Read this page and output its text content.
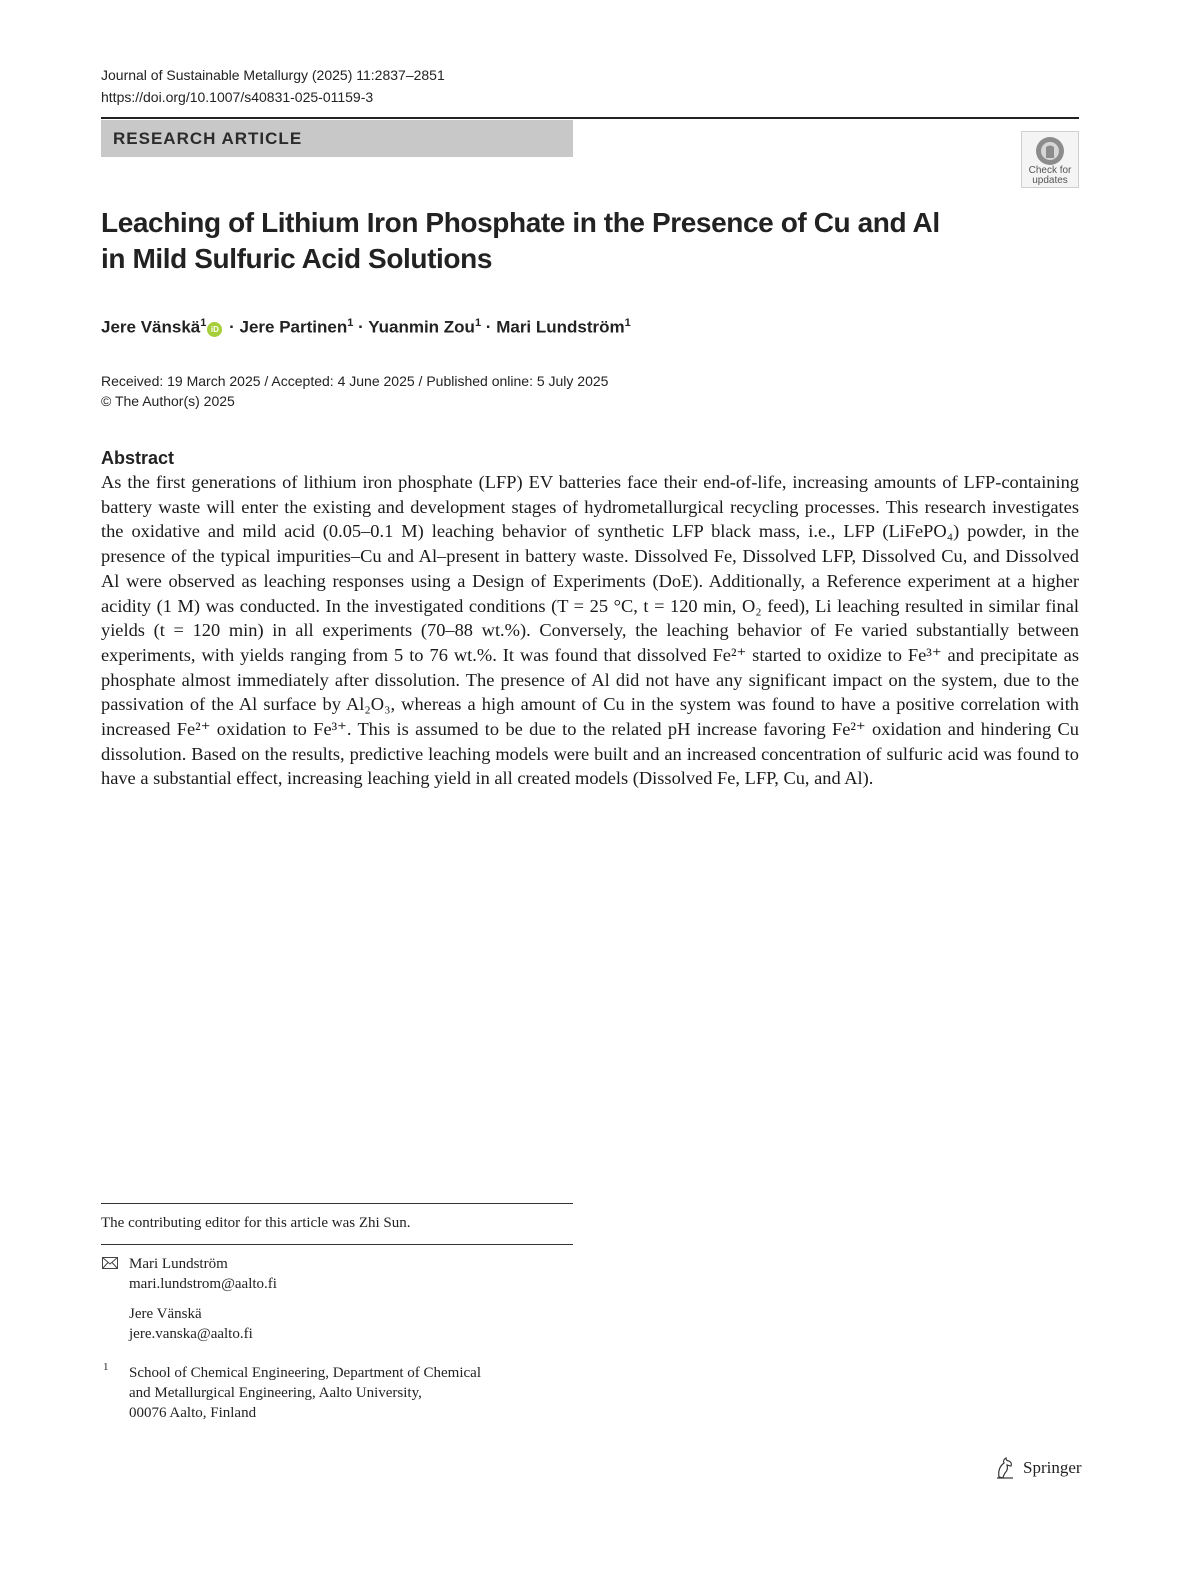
Journal of Sustainable Metallurgy (2025) 11:2837–2851
https://doi.org/10.1007/s40831-025-01159-3
RESEARCH ARTICLE
Check for
updates
Leaching of Lithium Iron Phosphate in the Presence of Cu and Al
in Mild Sulfuric Acid Solutions
Jere Vänskä$^1$iD · Jere Partinen$^1$ · Yuanmin Zou$^1$ · Mari Lundström$^1$
Received: 19 March 2025 / Accepted: 4 June 2025 / Published online: 5 July 2025
© The Author(s) 2025
Abstract

As the first generations of lithium iron phosphate (LFP) EV batteries face their end-of-life, increasing amounts of LFP-containing battery waste will enter the existing and development stages of hydrometallurgical recycling processes. This research investigates the oxidative and mild acid (0.05–0.1 M) leaching behavior of synthetic LFP black mass, i.e., LFP (LiFePO₄) powder, in the presence of the typical impurities–Cu and Al–present in battery waste. Dissolved Fe, Dissolved LFP, Dissolved Cu, and Dissolved Al were observed as leaching responses using a Design of Experiments (DoE). Additionally, a Reference experiment at a higher acidity (1 M) was conducted. In the investigated conditions (T = 25 °C, t = 120 min, O₂ feed), Li leaching resulted in similar final yields (t = 120 min) in all experiments (70–88 wt.%). Conversely, the leaching behavior of Fe varied substantially between experiments, with yields ranging from 5 to 76 wt.%. It was found that dissolved Fe²⁺ started to oxidize to Fe³⁺ and precipitate as phosphate almost immediately after dissolution. The presence of Al did not have any significant impact on the system, due to the passivation of the Al surface by Al₂O₃, whereas a high amount of Cu in the system was found to have a positive correlation with increased Fe²⁺ oxidation to Fe³⁺. This is assumed to be due to the related pH increase favoring Fe²⁺ oxidation and hindering Cu dissolution. Based on the results, predictive leaching models were built and an increased concentration of sulfuric acid was found to have a substantial effect, increasing leaching yield in all created models (Dissolved Fe, LFP, Cu, and Al).

The contributing editor for this article was Zhi Sun.
Mari Lundström
mari.lundstrom@aalto.fi
Jere Vänskä
jere.vanska@aalto.fi
1 School of Chemical Engineering, Department of Chemical
and Metallurgical Engineering, Aalto University,
00076 Aalto, Finland
Springer
